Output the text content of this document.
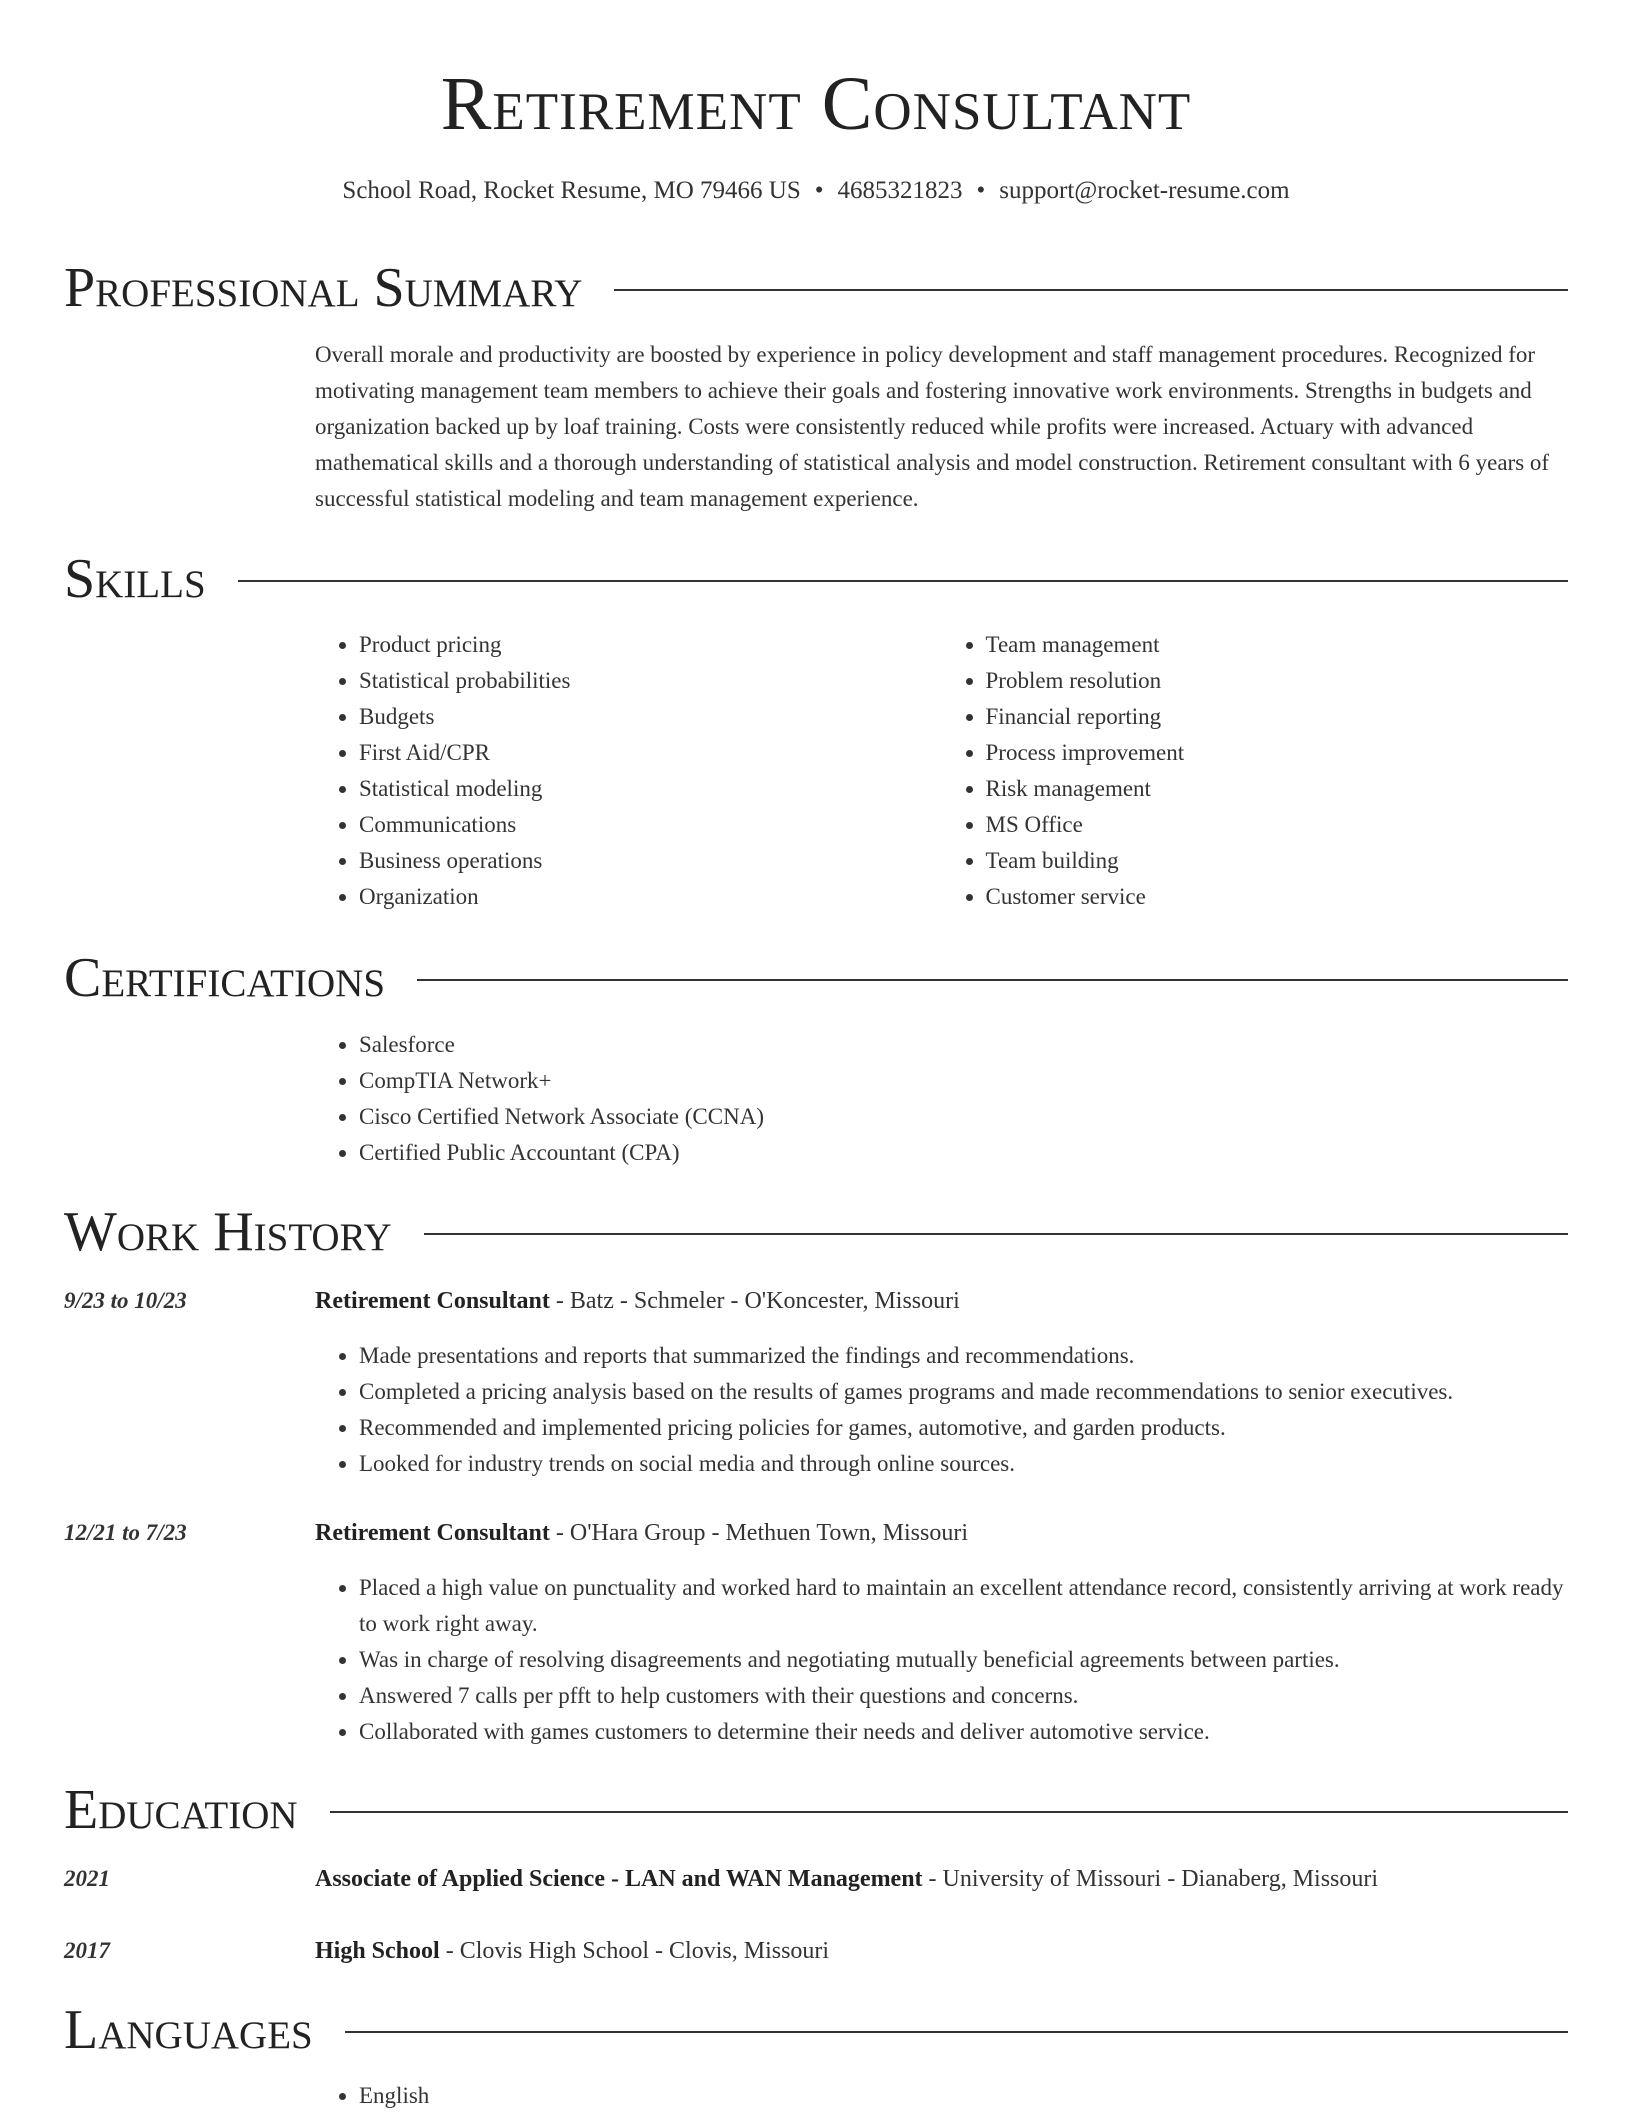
Retirement Consultant
School Road, Rocket Resume, MO 79466 US • 4685321823 • support@rocket-resume.com
Professional Summary
Overall morale and productivity are boosted by experience in policy development and staff management procedures. Recognized for motivating management team members to achieve their goals and fostering innovative work environments. Strengths in budgets and organization backed up by loaf training. Costs were consistently reduced while profits were increased. Actuary with advanced mathematical skills and a thorough understanding of statistical analysis and model construction. Retirement consultant with 6 years of successful statistical modeling and team management experience.
Skills
• Product pricing
• Statistical probabilities
• Budgets
• First Aid/CPR
• Statistical modeling
• Communications
• Business operations
• Organization
• Team management
• Problem resolution
• Financial reporting
• Process improvement
• Risk management
• MS Office
• Team building
• Customer service
Certifications
• Salesforce
• CompTIA Network+
• Cisco Certified Network Associate (CCNA)
• Certified Public Accountant (CPA)
Work History
9/23 to 10/23	Retirement Consultant - Batz - Schmeler - O'Koncester, Missouri
• Made presentations and reports that summarized the findings and recommendations.
• Completed a pricing analysis based on the results of games programs and made recommendations to senior executives.
• Recommended and implemented pricing policies for games, automotive, and garden products.
• Looked for industry trends on social media and through online sources.
12/21 to 7/23	Retirement Consultant - O'Hara Group - Methuen Town, Missouri
• Placed a high value on punctuality and worked hard to maintain an excellent attendance record, consistently arriving at work ready to work right away.
• Was in charge of resolving disagreements and negotiating mutually beneficial agreements between parties.
• Answered 7 calls per pfft to help customers with their questions and concerns.
• Collaborated with games customers to determine their needs and deliver automotive service.
Education
2021	Associate of Applied Science - LAN and WAN Management - University of Missouri - Dianaberg, Missouri
2017	High School - Clovis High School - Clovis, Missouri
Languages
• English
